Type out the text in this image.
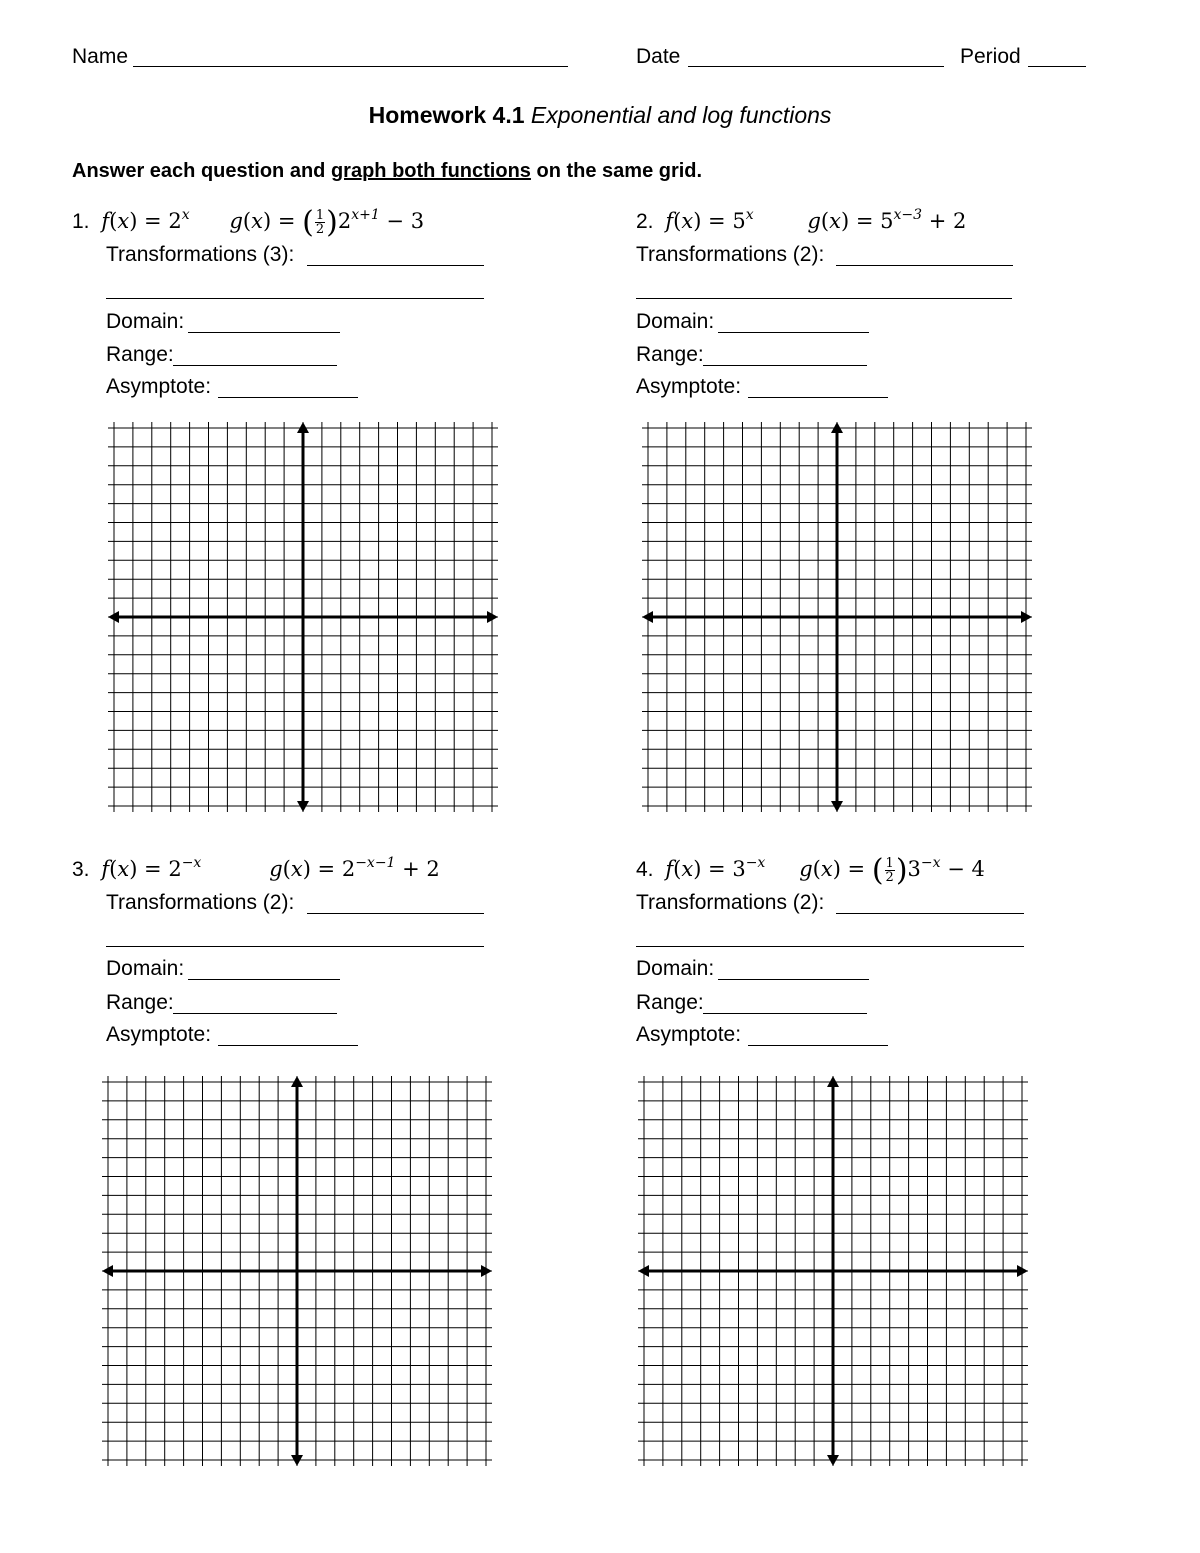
Name	Date	Period
Homework 4.1 Exponential and log functions
Answer each question and graph both functions on the same grid.
1. $f(x) = 2^x$ g(x) = ( $\frac{1}{2} )2^{x+1} - 3$
Transformations (3):
Domain:
Range:
Asymptote:
2. $f(x) = 5^x$	$g(x) = 5^{x-3} + 2$
Transformations (2):
Domain:
Range:
Asymptote:
3. $f(x) = 2^{-x}$	$g(x) = 2^{-x-1} + 2$
Transformations (2):
Domain:
Range:
Asymptote:
4. $f(x) = 3^{-x}$ g(x) = ( $\frac{1}{2} )3^{-x} - 4$
Transformations (2):
Domain:
Range:
Asymptote:
